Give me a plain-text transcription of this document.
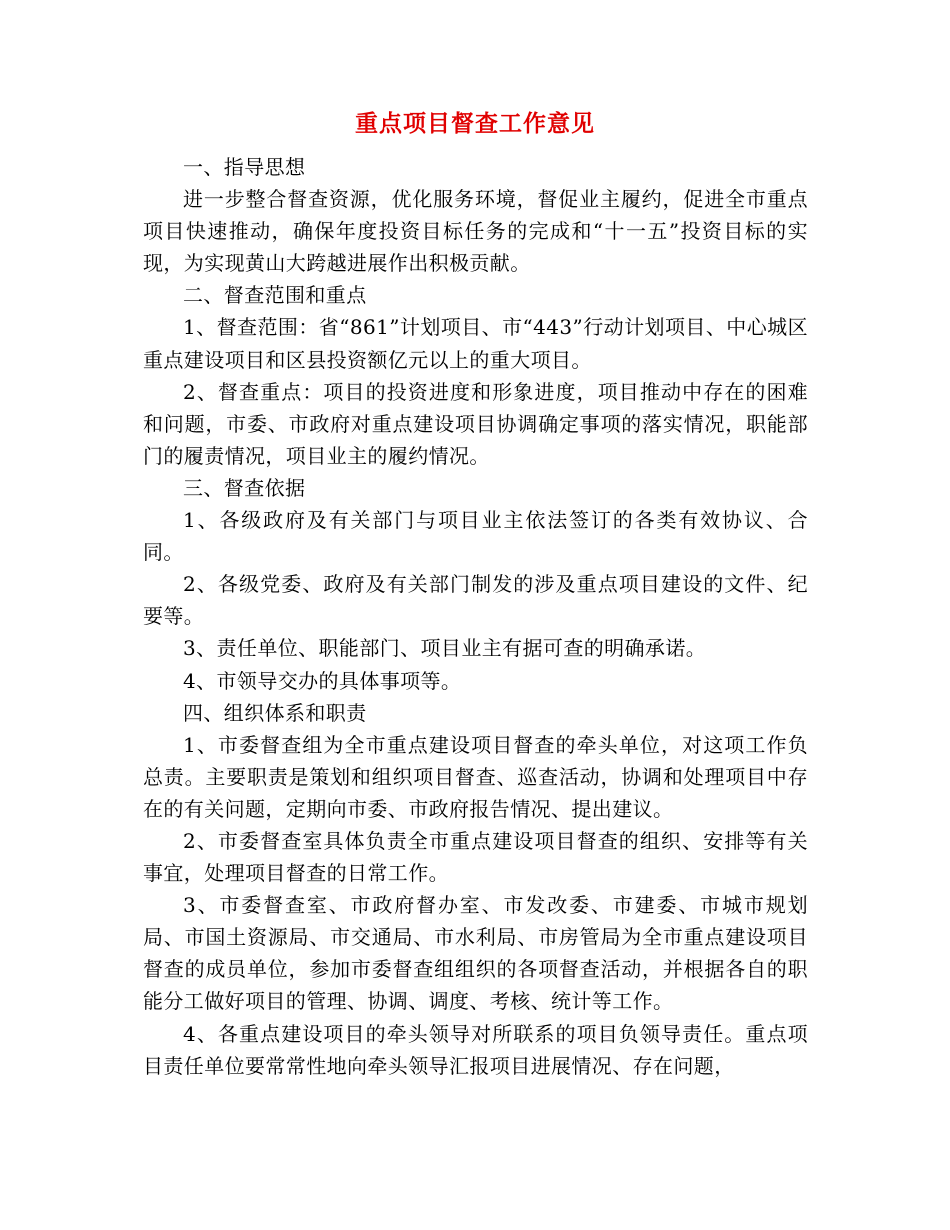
重点项目督查工作意见

一、指导思想

进一步整合督查资源，优化服务环境，督促业主履约，促进全市重点项目快速推动，确保年度投资目标任务的完成和“十一五”投资目标的实现，为实现黄山大跨越进展作出积极贡献。

二、督查范围和重点

1、督查范围：省“861”计划项目、市“443”行动计划项目、中心城区重点建设项目和区县投资额亿元以上的重大项目。

2、督查重点：项目的投资进度和形象进度，项目推动中存在的困难和问题，市委、市政府对重点建设项目协调确定事项的落实情况，职能部门的履责情况，项目业主的履约情况。

三、督查依据

1、各级政府及有关部门与项目业主依法签订的各类有效协议、合同。

2、各级党委、政府及有关部门制发的涉及重点项目建设的文件、纪要等。

3、责任单位、职能部门、项目业主有据可查的明确承诺。

4、市领导交办的具体事项等。

四、组织体系和职责

1、市委督查组为全市重点建设项目督查的牵头单位，对这项工作负总责。主要职责是策划和组织项目督查、巡查活动，协调和处理项目中存在的有关问题，定期向市委、市政府报告情况、提出建议。

2、市委督查室具体负责全市重点建设项目督查的组织、安排等有关事宜，处理项目督查的日常工作。

3、市委督查室、市政府督办室、市发改委、市建委、市城市规划局、市国土资源局、市交通局、市水利局、市房管局为全市重点建设项目督查的成员单位，参加市委督查组组织的各项督查活动，并根据各自的职能分工做好项目的管理、协调、调度、考核、统计等工作。

4、各重点建设项目的牵头领导对所联系的项目负领导责任。重点项目责任单位要常常性地向牵头领导汇报项目进展情况、存在问题，
